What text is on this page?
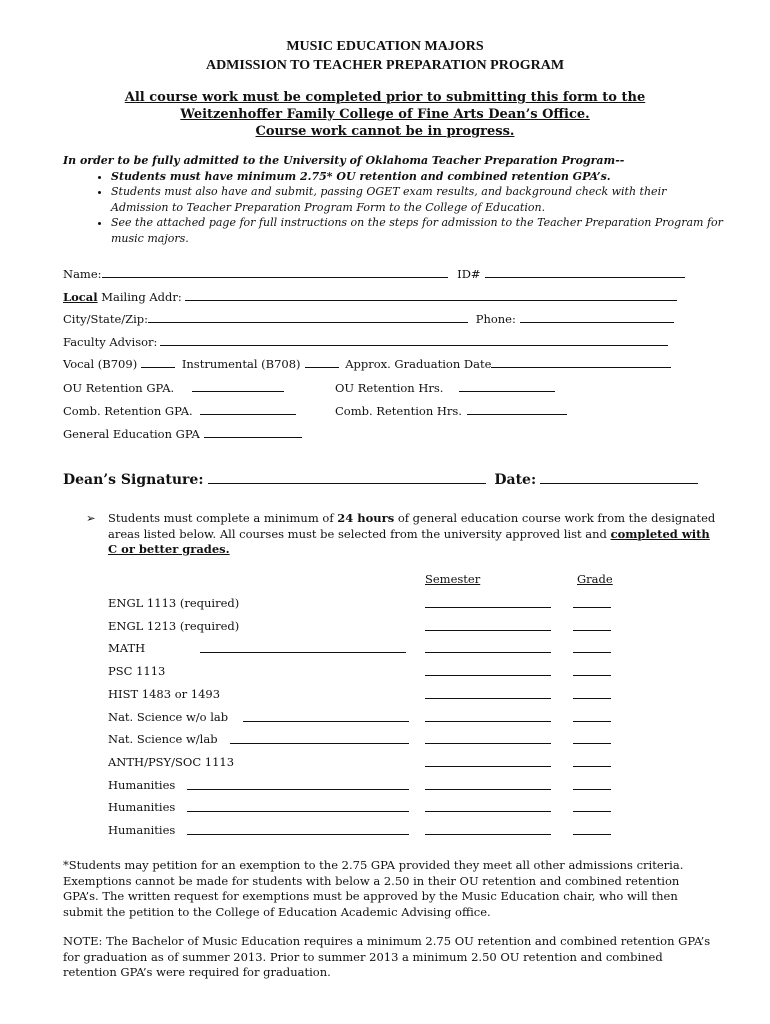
MUSIC EDUCATION MAJORS
ADMISSION TO TEACHER PREPARATION PROGRAM
All course work must be completed prior to submitting this form to the
Weitzenhoffer Family College of Fine Arts Dean’s Office.
Course work cannot be in progress.
In order to be fully admitted to the University of Oklahoma Teacher Preparation Program--
• Students must have minimum 2.75* OU retention and combined retention GPA’s.
• Students must also have and submit, passing OGET exam results, and background check with their Admission to Teacher Preparation Program Form to the College of Education.
• See the attached page for full instructions on the steps for admission to the Teacher Preparation Program for music majors.
Name:	ID#
Local Mailing Addr:
City/State/Zip:	Phone:
Faculty Advisor:
Vocal (B709)	Instrumental (B708)	Approx. Graduation Date
OU Retention GPA.	OU Retention Hrs.
Comb. Retention GPA.	Comb. Retention Hrs.
General Education GPA
Dean’s Signature:	Date:
➢ Students must complete a minimum of 24 hours of general education course work from the designated areas listed below. All courses must be selected from the university approved list and completed with C or better grades.
Semester	Grade
ENGL 1113 (required)
ENGL 1213 (required)
MATH
PSC 1113
HIST 1483 or 1493
Nat. Science w/o lab
Nat. Science w/lab
ANTH/PSY/SOC 1113
Humanities
Humanities
Humanities
*Students may petition for an exemption to the 2.75 GPA provided they meet all other admissions criteria. Exemptions cannot be made for students with below a 2.50 in their OU retention and combined retention GPA’s. The written request for exemptions must be approved by the Music Education chair, who will then submit the petition to the College of Education Academic Advising office.
NOTE: The Bachelor of Music Education requires a minimum 2.75 OU retention and combined retention GPA’s for graduation as of summer 2013. Prior to summer 2013 a minimum 2.50 OU retention and combined retention GPA’s were required for graduation.
